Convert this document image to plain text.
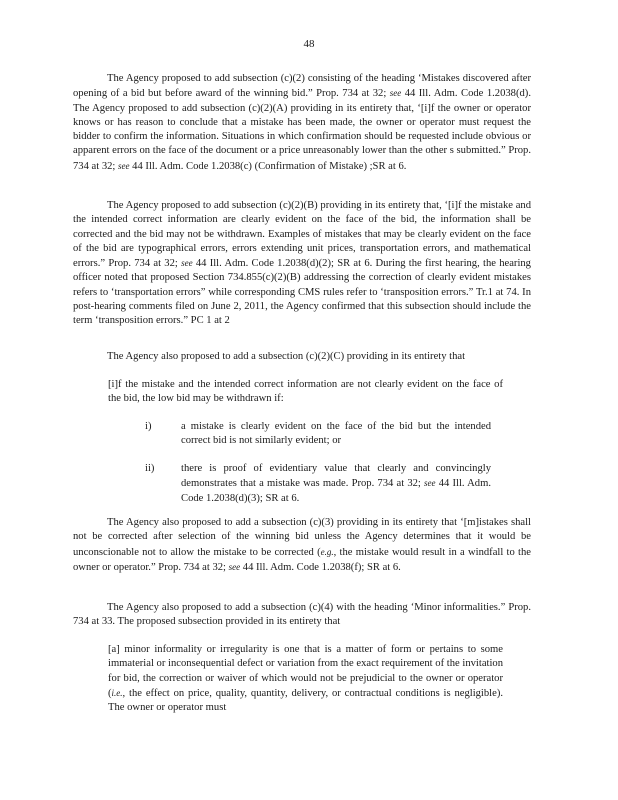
48

The Agency proposed to add subsection (c)(2) consisting of the heading ‘Mistakes discovered after opening of a bid but before award of the winning bid.” Prop. 734 at 32; see 44 Ill. Adm. Code 1.2038(d). The Agency proposed to add subsection (c)(2)(A) providing in its entirety that, ‘[i]f the owner or operator knows or has reason to conclude that a mistake has been made, the owner or operator must request the bidder to confirm the information. Situations in which confirmation should be requested include obvious or apparent errors on the face of the document or a price unreasonably lower than the other s submitted.” Prop. 734 at 32; see 44 Ill. Adm. Code 1.2038(c) (Confirmation of Mistake) ;SR at 6.

The Agency proposed to add subsection (c)(2)(B) providing in its entirety that, ‘[i]f the mistake and the intended correct information are clearly evident on the face of the bid, the information shall be corrected and the bid may not be withdrawn. Examples of mistakes that may be clearly evident on the face of the bid are typographical errors, errors extending unit prices, transportation errors, and mathematical errors.” Prop. 734 at 32; see 44 Ill. Adm. Code 1.2038(d)(2); SR at 6. During the first hearing, the hearing officer noted that proposed Section 734.855(c)(2)(B) addressing the correction of clearly evident mistakes refers to ‘transportation errors” while corresponding CMS rules refer to ‘transposition errors.” Tr.1 at 74. In post-hearing comments filed on June 2, 2011, the Agency confirmed that this subsection should include the term ‘transposition errors.” PC 1 at 2

The Agency also proposed to add a subsection (c)(2)(C) providing in its entirety that

[i]f the mistake and the intended correct information are not clearly evident on the face of the bid, the low bid may be withdrawn if:

i)	a mistake is clearly evident on the face of the bid but the intended correct bid is not similarly evident; or
ii)	there is proof of evidentiary value that clearly and convincingly demonstrates that a mistake was made. Prop. 734 at 32; see 44 Ill. Adm. Code 1.2038(d)(3); SR at 6.

The Agency also proposed to add a subsection (c)(3) providing in its entirety that ‘[m]istakes shall not be corrected after selection of the winning bid unless the Agency determines that it would be unconscionable not to allow the mistake to be corrected (e.g., the mistake would result in a windfall to the owner or operator.” Prop. 734 at 32; see 44 Ill. Adm. Code 1.2038(f); SR at 6.

The Agency also proposed to add a subsection (c)(4) with the heading ‘Minor informalities.” Prop. 734 at 33. The proposed subsection provided in its entirety that

[a] minor informality or irregularity is one that is a matter of form or pertains to some immaterial or inconsequential defect or variation from the exact requirement of the invitation for bid, the correction or waiver of which would not be prejudicial to the owner or operator (i.e., the effect on price, quality, quantity, delivery, or contractual conditions is negligible). The owner or operator must
